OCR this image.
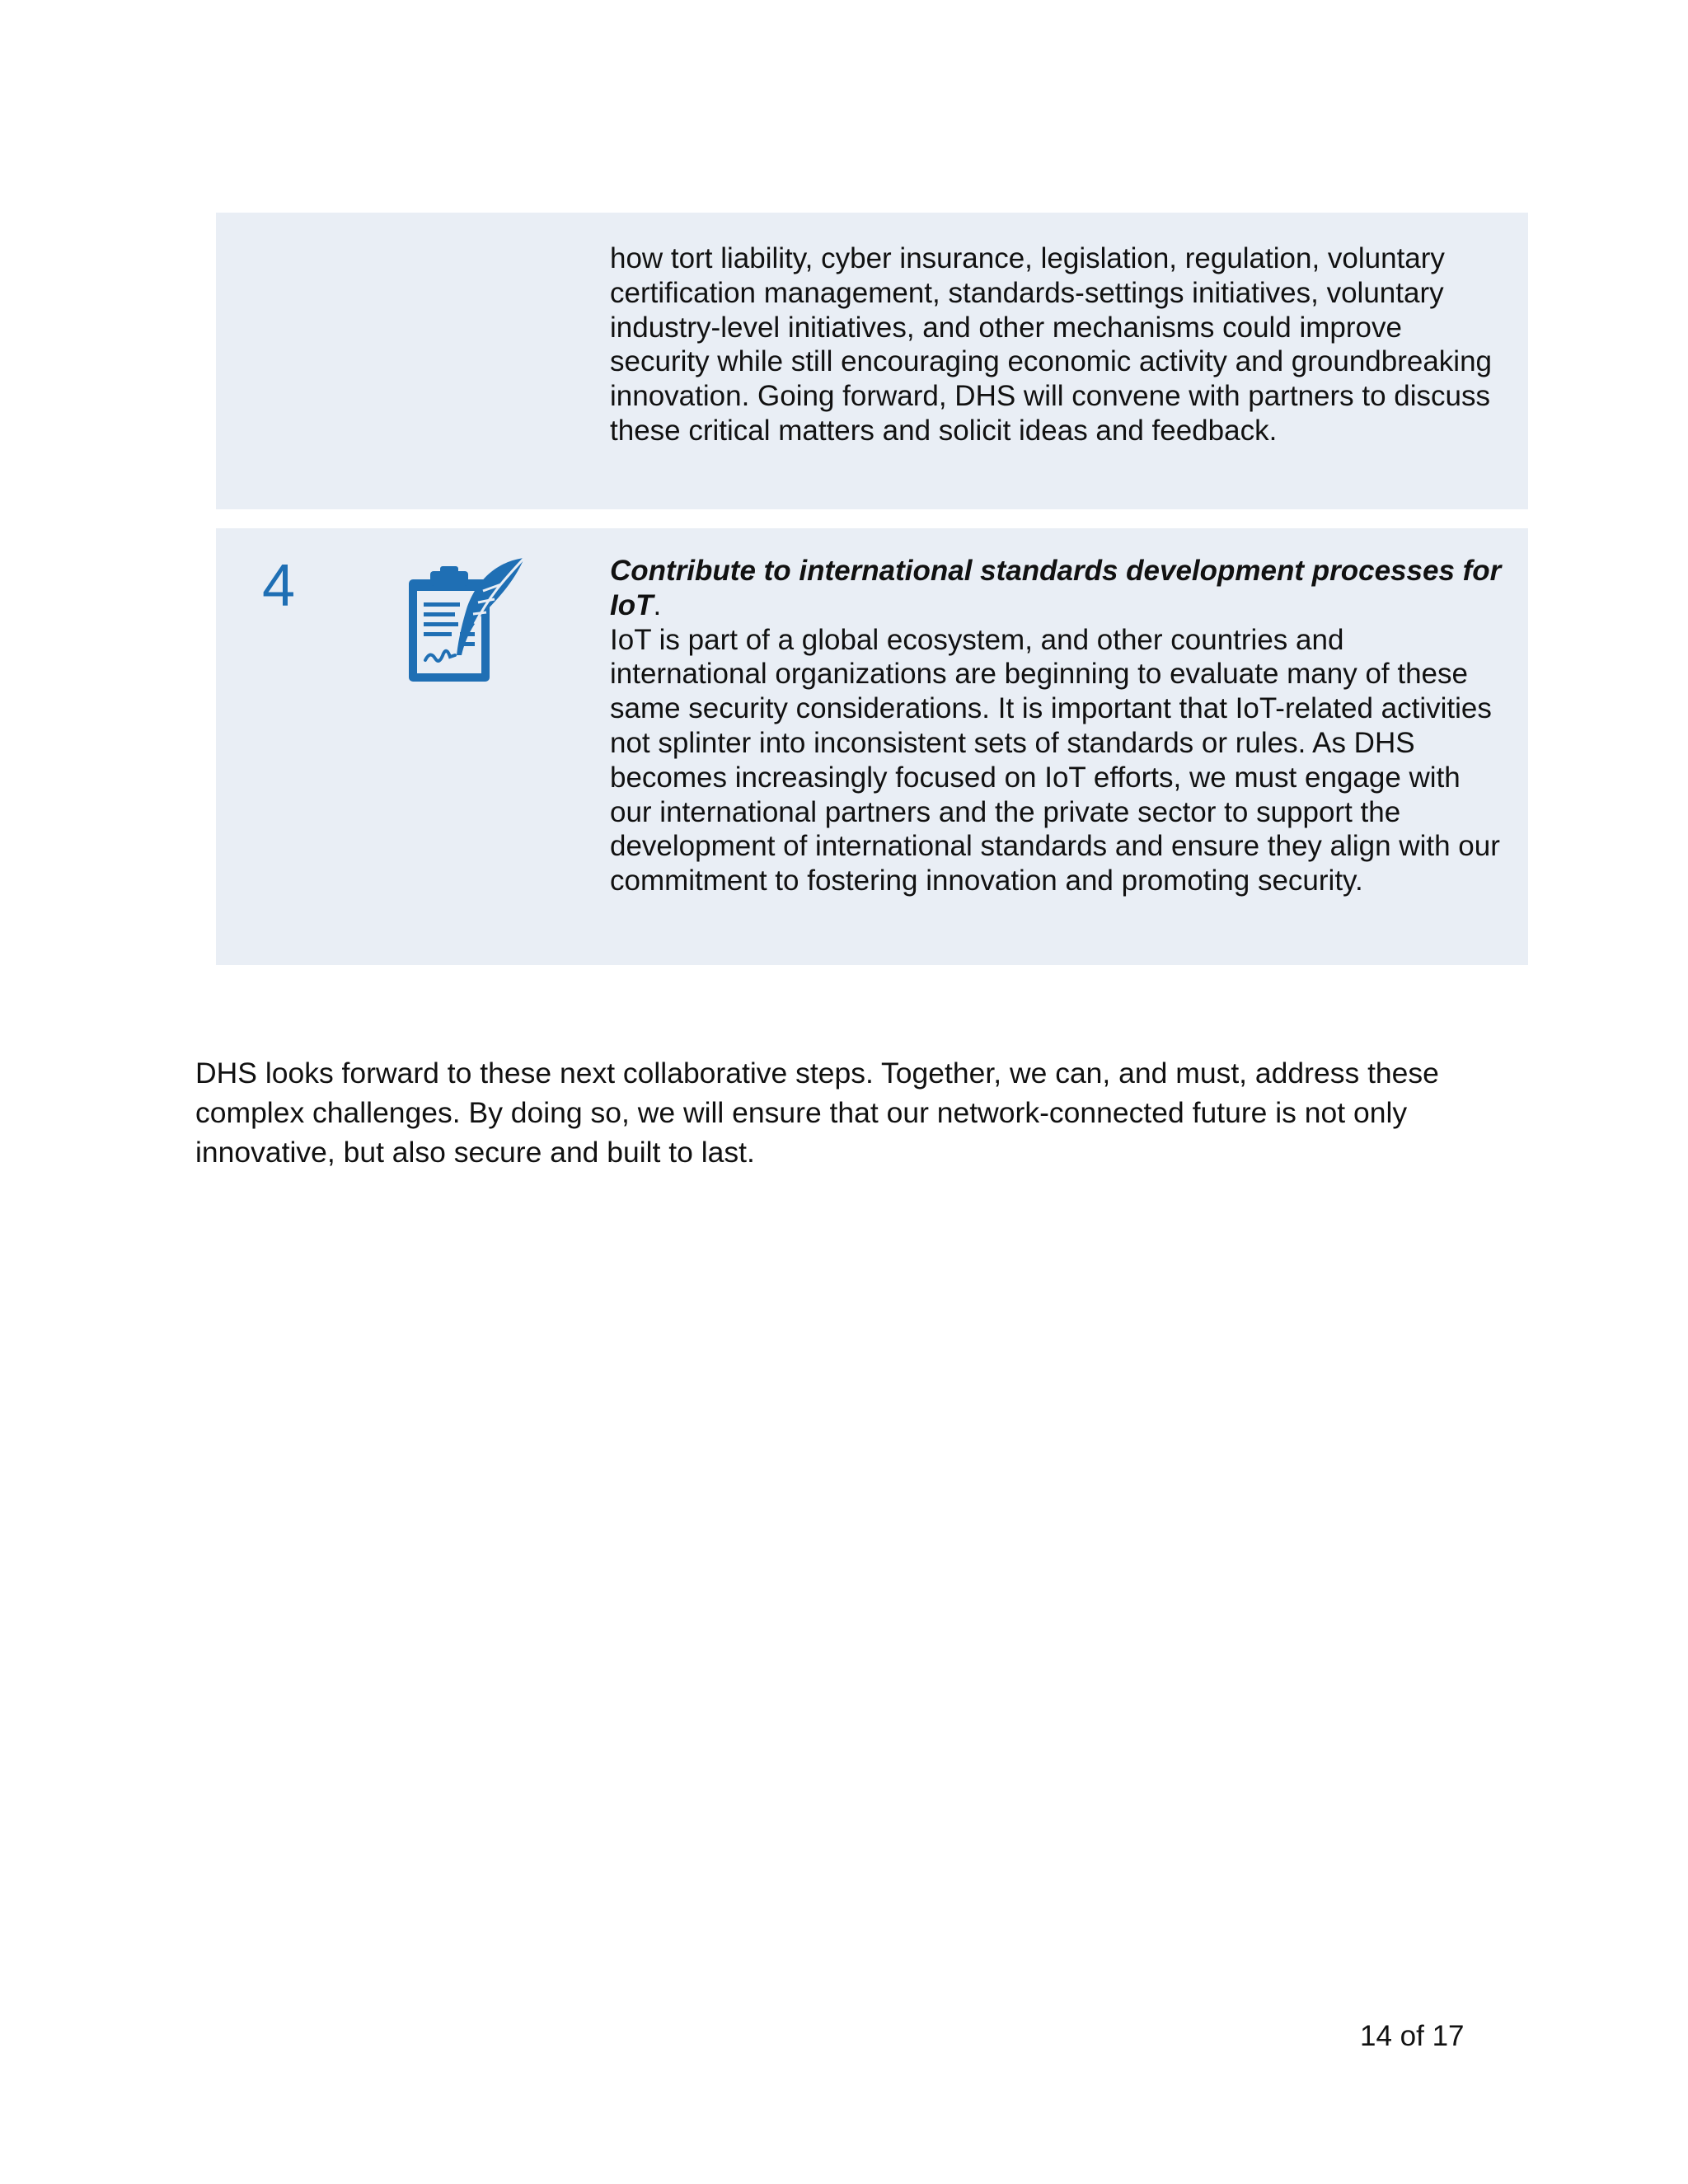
how tort liability, cyber insurance, legislation, regulation, voluntary certification management, standards-settings initiatives, voluntary industry-level initiatives, and other mechanisms could improve security while still encouraging economic activity and groundbreaking innovation. Going forward, DHS will convene with partners to discuss these critical matters and solicit ideas and feedback.

4	Contribute to international standards development processes for IoT.

IoT is part of a global ecosystem, and other countries and international organizations are beginning to evaluate many of these same security considerations. It is important that IoT-related activities not splinter into inconsistent sets of standards or rules. As DHS becomes increasingly focused on IoT efforts, we must engage with our international partners and the private sector to support the development of international standards and ensure they align with our commitment to fostering innovation and promoting security.

DHS looks forward to these next collaborative steps. Together, we can, and must, address these complex challenges. By doing so, we will ensure that our network-connected future is not only innovative, but also secure and built to last.

14 of 17
